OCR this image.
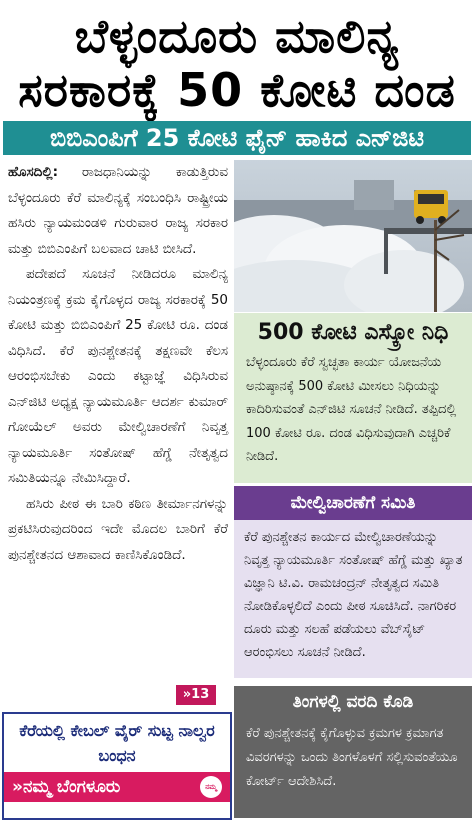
ಬೆಳ್ಳಂದೂರು ಮಾಲಿನ್ಯ
ಸರಕಾರಕ್ಕೆ 50 ಕೋಟಿ ದಂಡ
ಬಿಬಿಎಂಪಿಗೆ 25 ಕೋಟಿ ಫೈನ್ ಹಾಕಿದ ಎನ್‌ಜಿಟಿ

ಹೊಸದಿಲ್ಲಿ: ರಾಜಧಾನಿಯನ್ನು ಕಾಡುತ್ತಿರುವ ಬೆಳ್ಳಂದೂರು ಕೆರೆ ಮಾಲಿನ್ಯಕ್ಕೆ ಸಂಬಂಧಿಸಿ ರಾಷ್ಟ್ರೀಯ ಹಸಿರು ನ್ಯಾಯಮಂಡಳಿ ಗುರುವಾರ ರಾಜ್ಯ ಸರಕಾರ ಮತ್ತು ಬಿಬಿಎಂಪಿಗೆ ಬಲವಾದ ಚಾಟಿ ಬೀಸಿದೆ.

ಪದೇಪದೆ ಸೂಚನೆ ನೀಡಿದರೂ ಮಾಲಿನ್ಯ ನಿಯಂತ್ರಣಕ್ಕೆ ಕ್ರಮ ಕೈಗೊಳ್ಳದ ರಾಜ್ಯ ಸರಕಾರಕ್ಕೆ 50 ಕೋಟಿ ಮತ್ತು ಬಿಬಿಎಂಪಿಗೆ 25 ಕೋಟಿ ರೂ. ದಂಡ ವಿಧಿಸಿದೆ. ಕೆರೆ ಪುನಶ್ಚೇತನಕ್ಕೆ ತಕ್ಷಣವೇ ಕೆಲಸ ಆರಂಭಿಸಬೇಕು ಎಂದು ಕಟ್ಟಾಜ್ಞೆ ವಿಧಿಸಿರುವ ಎನ್‌ಜಿಟಿ ಅಧ್ಯಕ್ಷ ನ್ಯಾಯಮೂರ್ತಿ ಆದರ್ಶ ಕುಮಾರ್ ಗೋಯೆಲ್ ಅವರು ಮೇಲ್ವಿಚಾರಣೆಗೆ ನಿವೃತ್ತ ನ್ಯಾಯಮೂರ್ತಿ ಸಂತೋಷ್ ಹೆಗ್ಡೆ ನೇತೃತ್ವದ ಸಮಿತಿಯನ್ನೂ ನೇಮಿಸಿದ್ದಾರೆ.

ಹಸಿರು ಪೀಠ ಈ ಬಾರಿ ಕಠಿಣ ತೀರ್ಮಾನಗಳನ್ನು ಪ್ರಕಟಿಸಿರುವುದರಿಂದ ಇದೇ ಮೊದಲ ಬಾರಿಗೆ ಕೆರೆ ಪುನಶ್ಚೇತನದ ಆಶಾವಾದ ಕಾಣಿಸಿಕೊಂಡಿದೆ.

»13
500 ಕೋಟಿ ಎಸ್ಕ್ರೋ ನಿಧಿ
ಬೆಳ್ಳಂದೂರು ಕೆರೆ ಸ್ವಚ್ಛತಾ ಕಾರ್ಯ ಯೋಜನೆಯ ಅನುಷ್ಠಾನಕ್ಕೆ 500 ಕೋಟಿ ಮೀಸಲು ನಿಧಿಯನ್ನು ಕಾದಿರಿಸುವಂತೆ ಎನ್‌ಜಿಟಿ ಸೂಚನೆ ನೀಡಿದೆ. ತಪ್ಪಿದಲ್ಲಿ 100 ಕೋಟಿ ರೂ. ದಂಡ ವಿಧಿಸುವುದಾಗಿ ಎಚ್ಚರಿಕೆ ನೀಡಿದೆ.
ಮೇಲ್ವಿಚಾರಣೆಗೆ ಸಮಿತಿ
ಕೆರೆ ಪುನಶ್ಚೇತನ ಕಾರ್ಯದ ಮೇಲ್ವಿಚಾರಣೆಯನ್ನು ನಿವೃತ್ತ ನ್ಯಾಯಮೂರ್ತಿ ಸಂತೋಷ್ ಹೆಗ್ಡೆ ಮತ್ತು ಖ್ಯಾತ ವಿಜ್ಞಾನಿ ಟಿ.ವಿ. ರಾಮಚಂದ್ರನ್ ನೇತೃತ್ವದ ಸಮಿತಿ ನೋಡಿಕೊಳ್ಳಲಿದೆ ಎಂದು ಪೀಠ ಸೂಚಿಸಿದೆ. ನಾಗರಿಕರ ದೂರು ಮತ್ತು ಸಲಹೆ ಪಡೆಯಲು ವೆಬ್‌ಸೈಟ್ ಆರಂಭಿಸಲು ಸೂಚನೆ ನೀಡಿದೆ.
ತಿಂಗಳಲ್ಲಿ ವರದಿ ಕೊಡಿ
ಕೆರೆ ಪುನಶ್ಚೇತನಕ್ಕೆ ಕೈಗೊಳ್ಳುವ ಕ್ರಮಗಳ ಕ್ರಮಾಗತ ವಿವರಗಳನ್ನು ಒಂದು ತಿಂಗಳೊಳಗೆ ಸಲ್ಲಿಸುವಂತೆಯೂ ಕೋರ್ಟ್ ಆದೇಶಿಸಿದೆ.
ಕೆರೆಯಲ್ಲಿ ಕೇಬಲ್ ವೈರ್ ಸುಟ್ಟ ನಾಲ್ವರ ಬಂಧನ
»ನಮ್ಮ ಬೆಂಗಳೂರು	ನಮ್ಮ
